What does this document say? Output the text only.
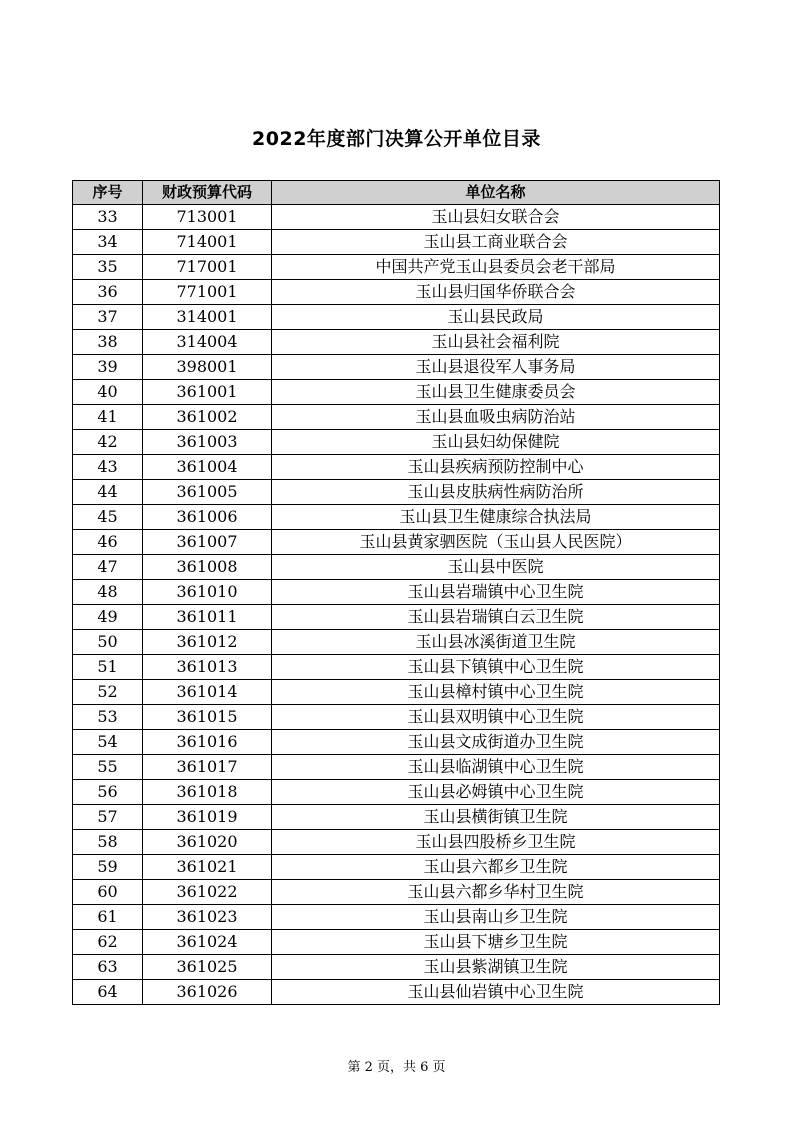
2022年度部门决算公开单位目录
序号	财政预算代码	单位名称
33	713001	玉山县妇女联合会
34	714001	玉山县工商业联合会
35	717001	中国共产党玉山县委员会老干部局
36	771001	玉山县归国华侨联合会
37	314001	玉山县民政局
38	314004	玉山县社会福利院
39	398001	玉山县退役军人事务局
40	361001	玉山县卫生健康委员会
41	361002	玉山县血吸虫病防治站
42	361003	玉山县妇幼保健院
43	361004	玉山县疾病预防控制中心
44	361005	玉山县皮肤病性病防治所
45	361006	玉山县卫生健康综合执法局
46	361007	玉山县黄家驷医院（玉山县人民医院）
47	361008	玉山县中医院
48	361010	玉山县岩瑞镇中心卫生院
49	361011	玉山县岩瑞镇白云卫生院
50	361012	玉山县冰溪街道卫生院
51	361013	玉山县下镇镇中心卫生院
52	361014	玉山县樟村镇中心卫生院
53	361015	玉山县双明镇中心卫生院
54	361016	玉山县文成街道办卫生院
55	361017	玉山县临湖镇中心卫生院
56	361018	玉山县必姆镇中心卫生院
57	361019	玉山县横街镇卫生院
58	361020	玉山县四股桥乡卫生院
59	361021	玉山县六都乡卫生院
60	361022	玉山县六都乡华村卫生院
61	361023	玉山县南山乡卫生院
62	361024	玉山县下塘乡卫生院
63	361025	玉山县紫湖镇卫生院
64	361026	玉山县仙岩镇中心卫生院
第 2 页，共 6 页
